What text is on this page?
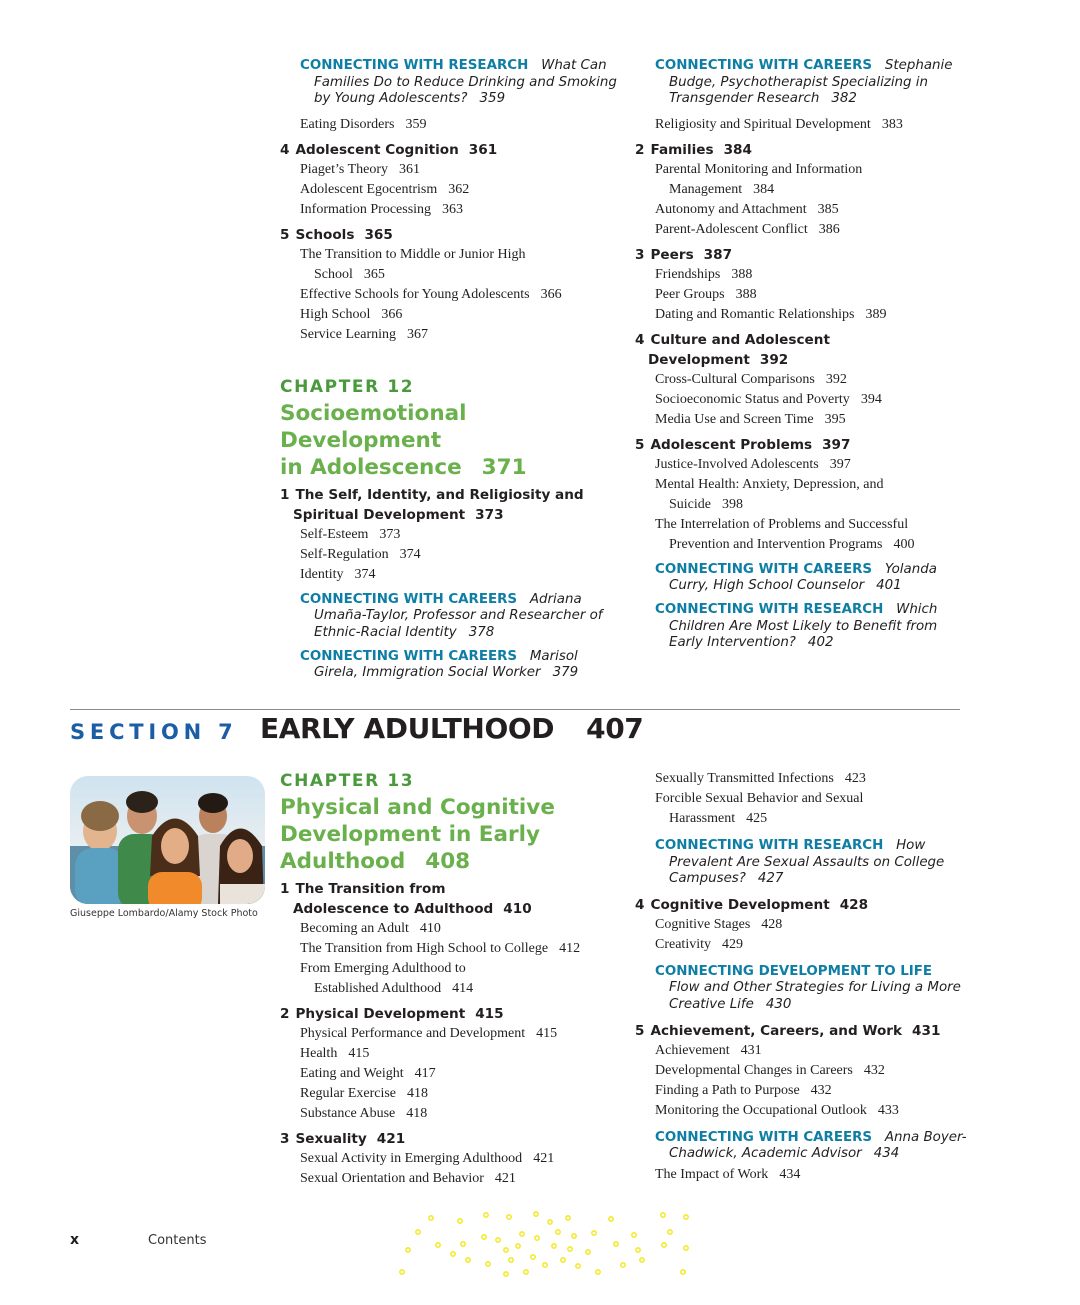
CONNECTING WITH RESEARCH What Can Families Do to Reduce Drinking and Smoking by Young Adolescents? 359
Eating Disorders 359
4 Adolescent Cognition 361
Piaget’s Theory 361
Adolescent Egocentrism 362
Information Processing 363
5 Schools 365
The Transition to Middle or Junior High School 365
Effective Schools for Young Adolescents 366
High School 366
Service Learning 367
CHAPTER 12
Socioemotional Development
in Adolescence 371
1 The Self, Identity, and Religiosity and Spiritual Development 373
Self-Esteem 373
Self-Regulation 374
Identity 374
CONNECTING WITH CAREERS Adriana Umaña-Taylor, Professor and Researcher of Ethnic-Racial Identity 378
CONNECTING WITH CAREERS Marisol Girela, Immigration Social Worker 379
CONNECTING WITH CAREERS Stephanie Budge, Psychotherapist Specializing in Transgender Research 382
Religiosity and Spiritual Development 383
2 Families 384
Parental Monitoring and Information Management 384
Autonomy and Attachment 385
Parent-Adolescent Conflict 386
3 Peers 387
Friendships 388
Peer Groups 388
Dating and Romantic Relationships 389
4 Culture and Adolescent Development 392
Cross-Cultural Comparisons 392
Socioeconomic Status and Poverty 394
Media Use and Screen Time 395
5 Adolescent Problems 397
Justice-Involved Adolescents 397
Mental Health: Anxiety, Depression, and Suicide 398
The Interrelation of Problems and Successful Prevention and Intervention Programs 400
CONNECTING WITH CAREERS Yolanda Curry, High School Counselor 401
CONNECTING WITH RESEARCH Which Children Are Most Likely to Benefit from Early Intervention? 402
SECTION 7 EARLY ADULTHOOD 407
Giuseppe Lombardo/Alamy Stock Photo
CHAPTER 13
Physical and Cognitive
Development in Early
Adulthood 408
1 The Transition from Adolescence to Adulthood 410
Becoming an Adult 410
The Transition from High School to College 412
From Emerging Adulthood to Established Adulthood 414
2 Physical Development 415
Physical Performance and Development 415
Health 415
Eating and Weight 417
Regular Exercise 418
Substance Abuse 418
3 Sexuality 421
Sexual Activity in Emerging Adulthood 421
Sexual Orientation and Behavior 421
Sexually Transmitted Infections 423
Forcible Sexual Behavior and Sexual Harassment 425
CONNECTING WITH RESEARCH How Prevalent Are Sexual Assaults on College Campuses? 427
4 Cognitive Development 428
Cognitive Stages 428
Creativity 429
CONNECTING DEVELOPMENT TO LIFE   Flow and Other Strategies for Living a More Creative Life 430
5 Achievement, Careers, and Work 431
Achievement 431
Developmental Changes in Careers 432
Finding a Path to Purpose 432
Monitoring the Occupational Outlook 433
CONNECTING WITH CAREERS Anna Boyer-Chadwick, Academic Advisor 434
The Impact of Work 434
x	Contents
